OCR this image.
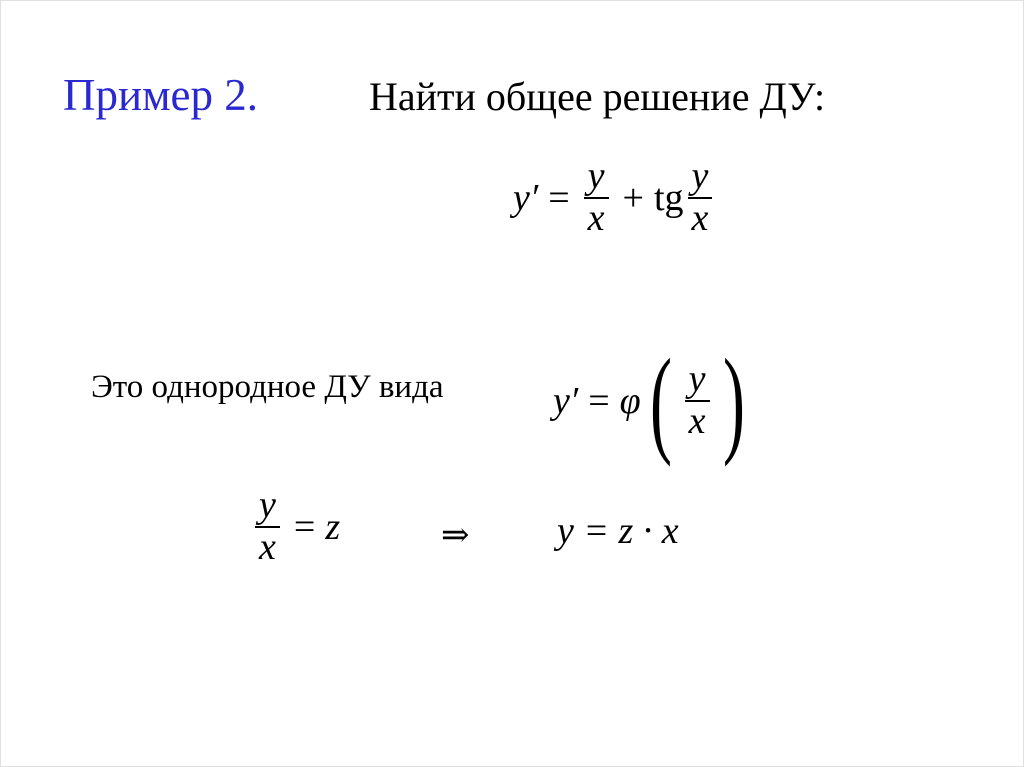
Пример 2.	Найти общее решение ДУ:
$y' = \frac{y}{x}$ + tg $\frac{y}{x}$
Это однородное ДУ вида	y′ = φ ( $\frac{y}{x}$ )
$\frac{y}{x} = z$	⇒ y = z · x
